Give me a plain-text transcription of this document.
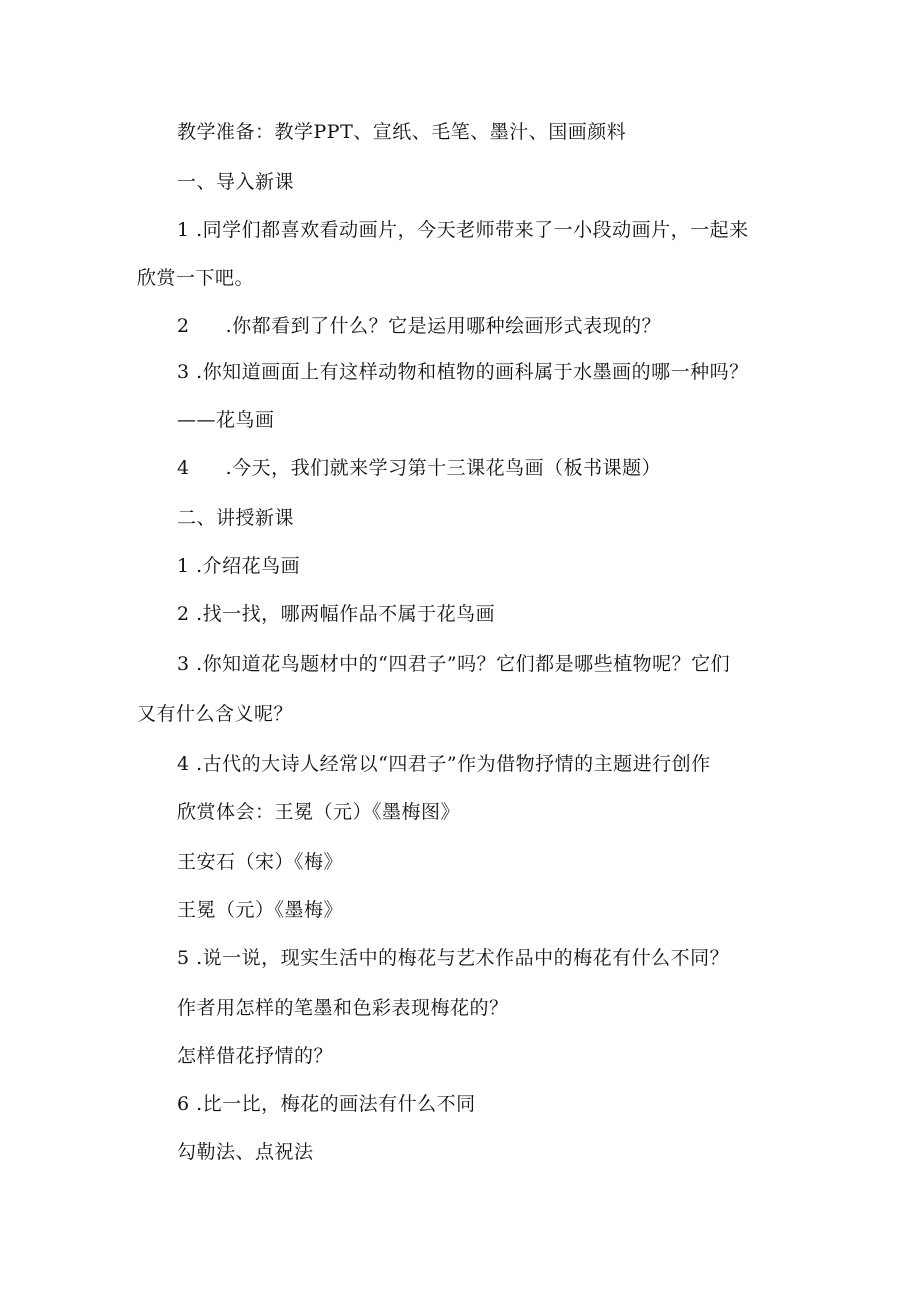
教学准备：教学PPT、宣纸、毛笔、墨汁、国画颜料
一、导入新课
1 .同学们都喜欢看动画片，今天老师带来了一小段动画片，一起来
欣赏一下吧。
2 .你都看到了什么？它是运用哪种绘画形式表现的？
3 .你知道画面上有这样动物和植物的画科属于水墨画的哪一种吗？
——花鸟画
4 .今天，我们就来学习第十三课花鸟画（板书课题）
二、讲授新课
1 .介绍花鸟画
2 .找一找，哪两幅作品不属于花鸟画
3 .你知道花鸟题材中的“四君子”吗？它们都是哪些植物呢？它们
又有什么含义呢？
4 .古代的大诗人经常以“四君子”作为借物抒情的主题进行创作
欣赏体会：王冕（元）《墨梅图》
王安石（宋）《梅》
王冕（元）《墨梅》
5 .说一说，现实生活中的梅花与艺术作品中的梅花有什么不同？
作者用怎样的笔墨和色彩表现梅花的？
怎样借花抒情的？
6 .比一比，梅花的画法有什么不同
勾勒法、点祝法
